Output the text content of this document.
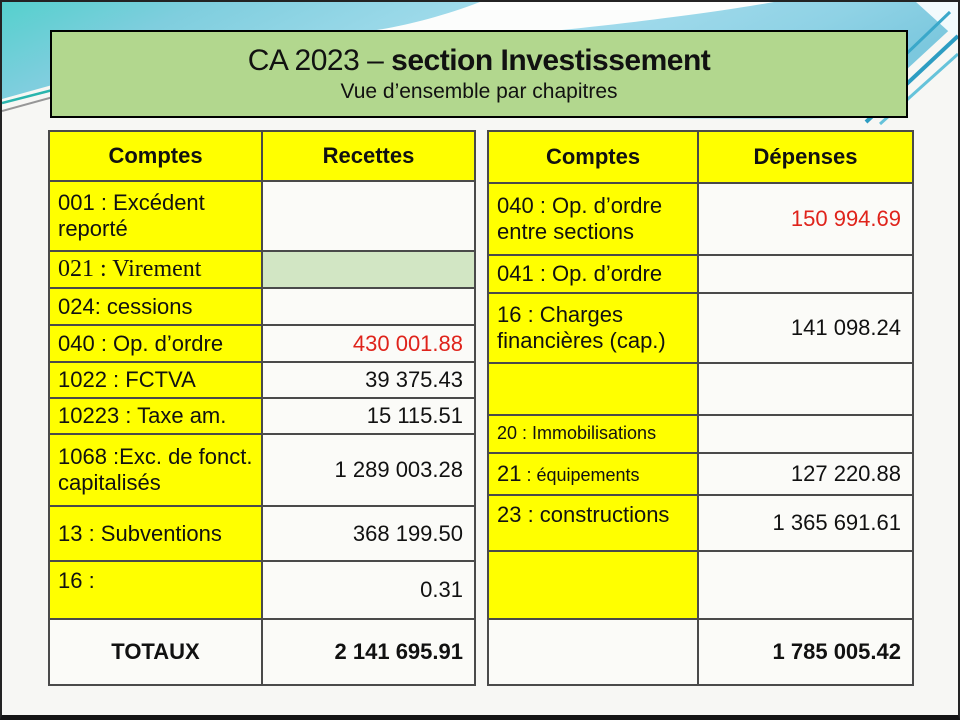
CA 2023 – section Investissement
Vue d’ensemble par chapitres
Comptes	Recettes
001 : Excédent reporté	
021 : Virement	
024: cessions	
040 : Op. d’ordre	430 001.88
1022 : FCTVA	39 375.43
10223 : Taxe am.	15 115.51
1068 :Exc. de fonct. capitalisés	1 289 003.28
13 : Subventions	368 199.50
16 :	0.31
TOTAUX	2 141 695.91
Comptes	Dépenses
040 : Op. d’ordre entre sections	150 994.69
041 : Op. d’ordre	
16 : Charges financières (cap.)	141 098.24

20 : Immobilisations	
21 : équipements	127 220.88
23 : constructions	1 365 691.61

	1 785 005.42
